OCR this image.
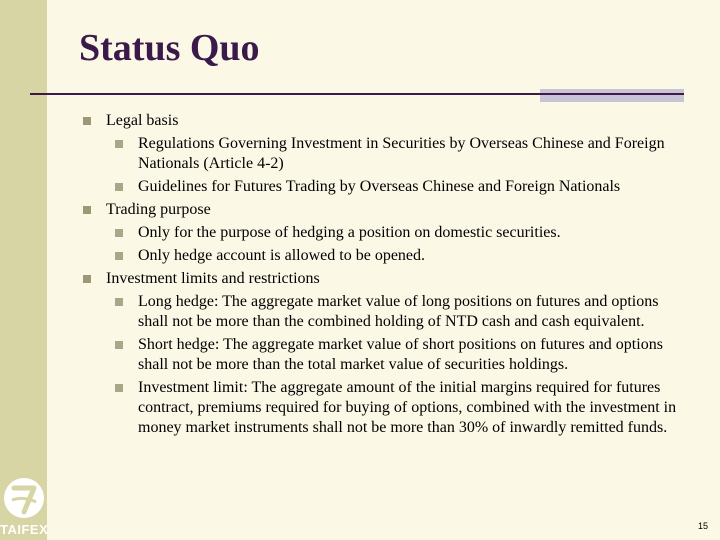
Status Quo
Legal basis
Regulations Governing Investment in Securities by Overseas Chinese and Foreign Nationals (Article 4-2)
Guidelines for Futures Trading by Overseas Chinese and Foreign Nationals
Trading purpose
Only for the purpose of hedging a position on domestic securities.
Only hedge account is allowed to be opened.
Investment limits and restrictions
Long hedge: The aggregate market value of long positions on futures and options shall not be more than the combined holding of NTD cash and cash equivalent.
Short hedge: The aggregate market value of short positions on futures and options shall not be more than the total market value of securities holdings.
Investment limit: The aggregate amount of the initial margins required for futures contract, premiums required for buying of options, combined with the investment in money market instruments shall not be more than 30% of inwardly remitted funds.
TAIFEX	15
